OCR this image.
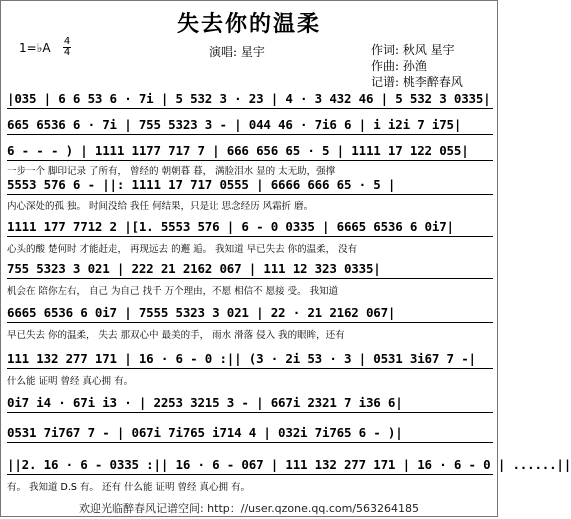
失去你的温柔
1=♭A 4
4	演唱: 星宇	作词: 秋风 星宇
作曲: 孙渔
记谱: 桃李醉春风
|035 | 6 6 53 6 · 7i | 5 532 3 · 23 | 4 · 3 432 46 | 5 532 3 0335|
665 6536 6 · 7i | 755 5323 3 - | 044 46 · 7i6 6 | i i2i 7 i75|
6 - - - ) | 1111 1177 717 7 | 666 656 65 · 5 | 1111 17 122 055|
一步一个 脚印记录 了所有， 曾经的 朝朝暮 暮， 满脸泪水 显的 太无助，强撑
5553 576 6 - ||: 1111 17 717 0555 | 6666 666 65 · 5 |
内心深处的孤 独。 时间没给 我任 何结果，只是让 思念经历 风霜折 磨。
1111 177 7712 2 |[1. 5553 576 | 6 - 0 0335 | 6665 6536 6 0i7|
心头的酸 楚何时 才能赶走， 再现远去 的邂 逅。 我知道 早已失去 你的温柔， 没有
755 5323 3 021 | 222 21 2162 067 | 111 12 323 0335|
机会在 陪你左右， 自己 为自己 找千 万个理由，不愿 相信不 愿接 受。 我知道
6665 6536 6 0i7 | 7555 5323 3 021 | 22 · 21 2162 067|
早已失去 你的温柔， 失去 那双心中 最美的手， 雨水 滑落 侵入 我的眼眸，还有
111 132 277 171 | 16 · 6 - 0 :|| (3 · 2i 53 · 3 | 0531 3i67 7 -|
什么能 证明 曾经 真心拥 有。
0i7 i4 · 67i i3 · | 2253 3215 3 - | 667i 2321 7 i36 6|
0531 7i767 7 - | 067i 7i765 i714 4 | 032i 7i765 6 - )|
||2. 16 · 6 - 0335 :|| 16 · 6 - 067 | 111 132 277 171 | 16 · 6 - 0 | ......||
有。 我知道 D.S 有。 还有 什么能 证明 曾经 真心拥 有。
欢迎光临醉春风记谱空间: http：//user.qzone.qq.com/563264185
